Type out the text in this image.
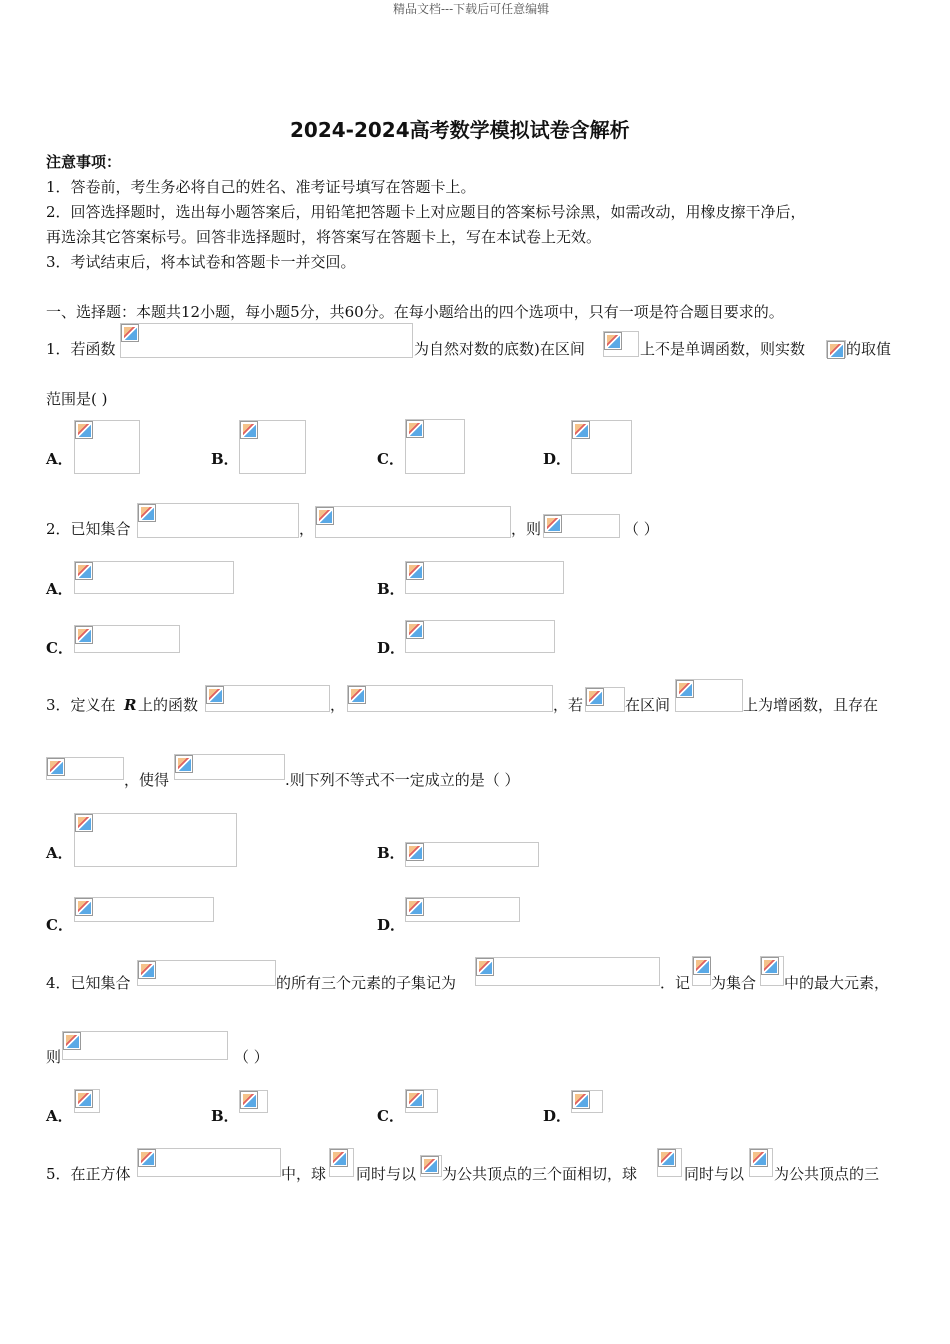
精品文档---下载后可任意编辑
2024-2024高考数学模拟试卷含解析
注意事项：
1．答卷前，考生务必将自己的姓名、准考证号填写在答题卡上。
2．回答选择题时，选出每小题答案后，用铅笔把答题卡上对应题目的答案标号涂黑，如需改动，用橡皮擦干净后，
再选涂其它答案标号。回答非选择题时，将答案写在答题卡上，写在本试卷上无效。
3．考试结束后，将本试卷和答题卡一并交回。
一、选择题：本题共12小题，每小题5分，共60分。在每小题给出的四个选项中，只有一项是符合题目要求的。
1．若函数	为自然对数的底数)在区间	上不是单调函数，则实数	的取值
范围是( )
A．	B．	C．	D．
2．已知集合	，	，则	（ ）
A．	B．
C．	D．
3．定义在 R 上的函数	，	，若	在区间	上为增函数，且存在
，使得	.则下列不等式不一定成立的是（ ）
A．	B．
C．	D．
4．已知集合	的所有三个元素的子集记为	．记 为集合 中的最大元素，
则	（ ）
A．	B．	C．	D．
5．在正方体	中，球 同时与以 为公共顶点的三个面相切，球	同时与以 为公共顶点的三
